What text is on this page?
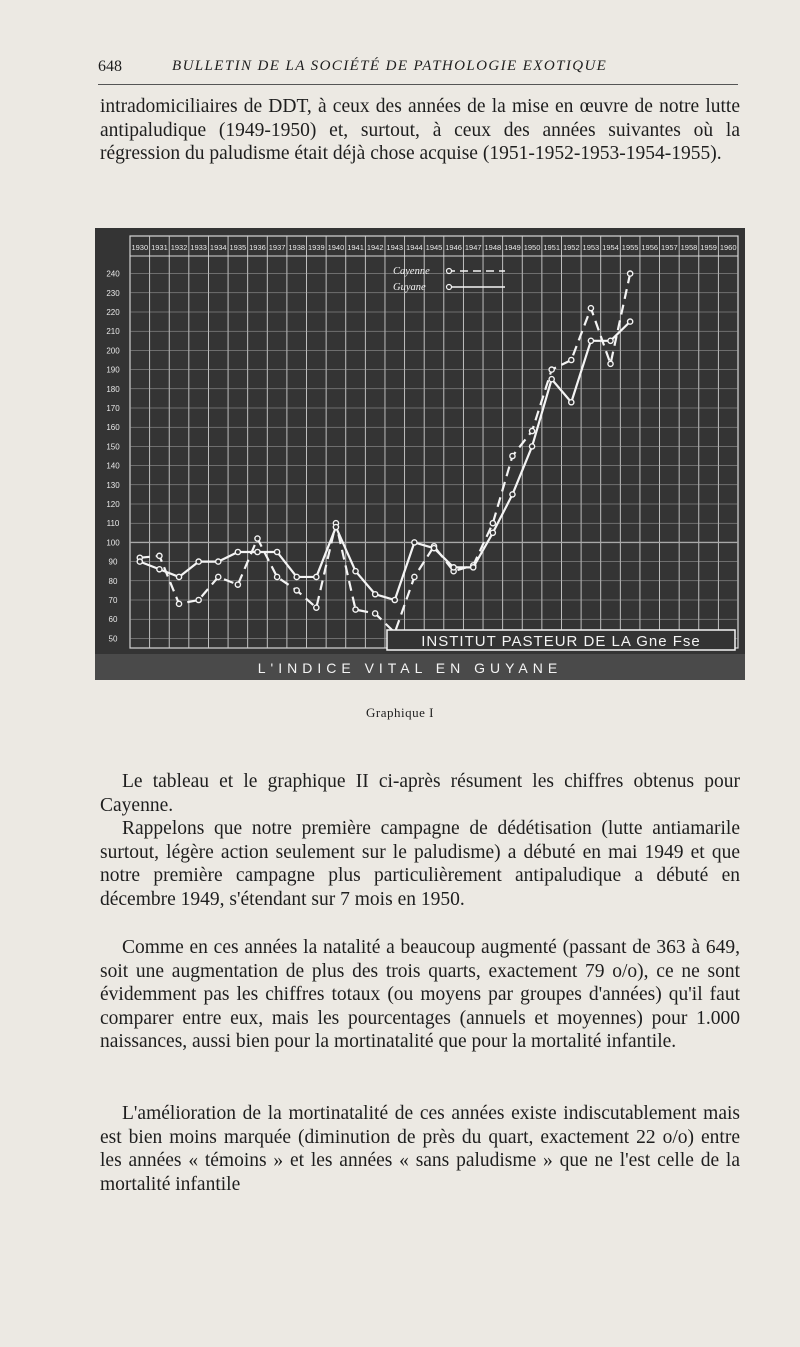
648	BULLETIN DE LA SOCIÉTÉ DE PATHOLOGIE EXOTIQUE

intradomiciliaires de DDT, à ceux des années de la mise en œuvre de notre lutte antipaludique (1949-1950) et, surtout, à ceux des années suivantes où la régression du paludisme était déjà chose acquise (1951-1952-1953-1954-1955).

1930 1931 1932 1933 1934 1935 1936 1937 1938 1939 1940 1941 1942 1943 1944 1945 1946 1947 1948 1949 1950 1951 1952 1953 1954 1955 1956 1957 1958 1959 1960
50
60
70
80
90
100
110
120
130
140
150
160
170
180
190
200
210
220
230
240	Cayenne
Guyane
INSTITUT PASTEUR DE LA Gne Fse
L'INDICE VITAL EN GUYANE
Graphique I

Le tableau et le graphique II ci-après résument les chiffres obtenus pour Cayenne.

Rappelons que notre première campagne de dédétisation (lutte antiamarile surtout, légère action seulement sur le paludisme) a débuté en mai 1949 et que notre première campagne plus particulièrement antipaludique a débuté en décembre 1949, s'étendant sur 7 mois en 1950.

Comme en ces années la natalité a beaucoup augmenté (passant de 363 à 649, soit une augmentation de plus des trois quarts, exactement 79 o/o), ce ne sont évidemment pas les chiffres totaux (ou moyens par groupes d'années) qu'il faut comparer entre eux, mais les pourcentages (annuels et moyennes) pour 1.000 naissances, aussi bien pour la mortinatalité que pour la mortalité infantile.

L'amélioration de la mortinatalité de ces années existe indiscutablement mais est bien moins marquée (diminution de près du quart, exactement 22 o/o) entre les années « témoins » et les années « sans paludisme » que ne l'est celle de la mortalité infantile
